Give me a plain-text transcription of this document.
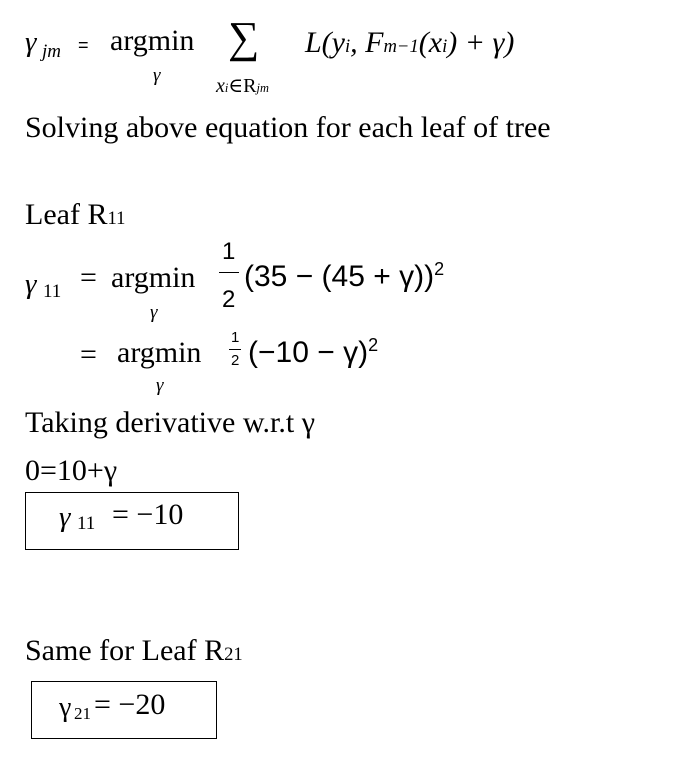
γ jm = argmin
γ
∑
xi∈Rjm
L(yi, Fm−1(xi) + γ)
Solving above equation for each leaf of tree
Leaf R11
γ 11 = argmin
γ
1
2
$(35 - (45 + \gamma))^2$
= argmin
γ
1
2 $(-10 - \gamma)^2$
Taking derivative w.r.t γ
0=10+γ
γ 11 = −10
Same for Leaf R21
γ 21 = −20
